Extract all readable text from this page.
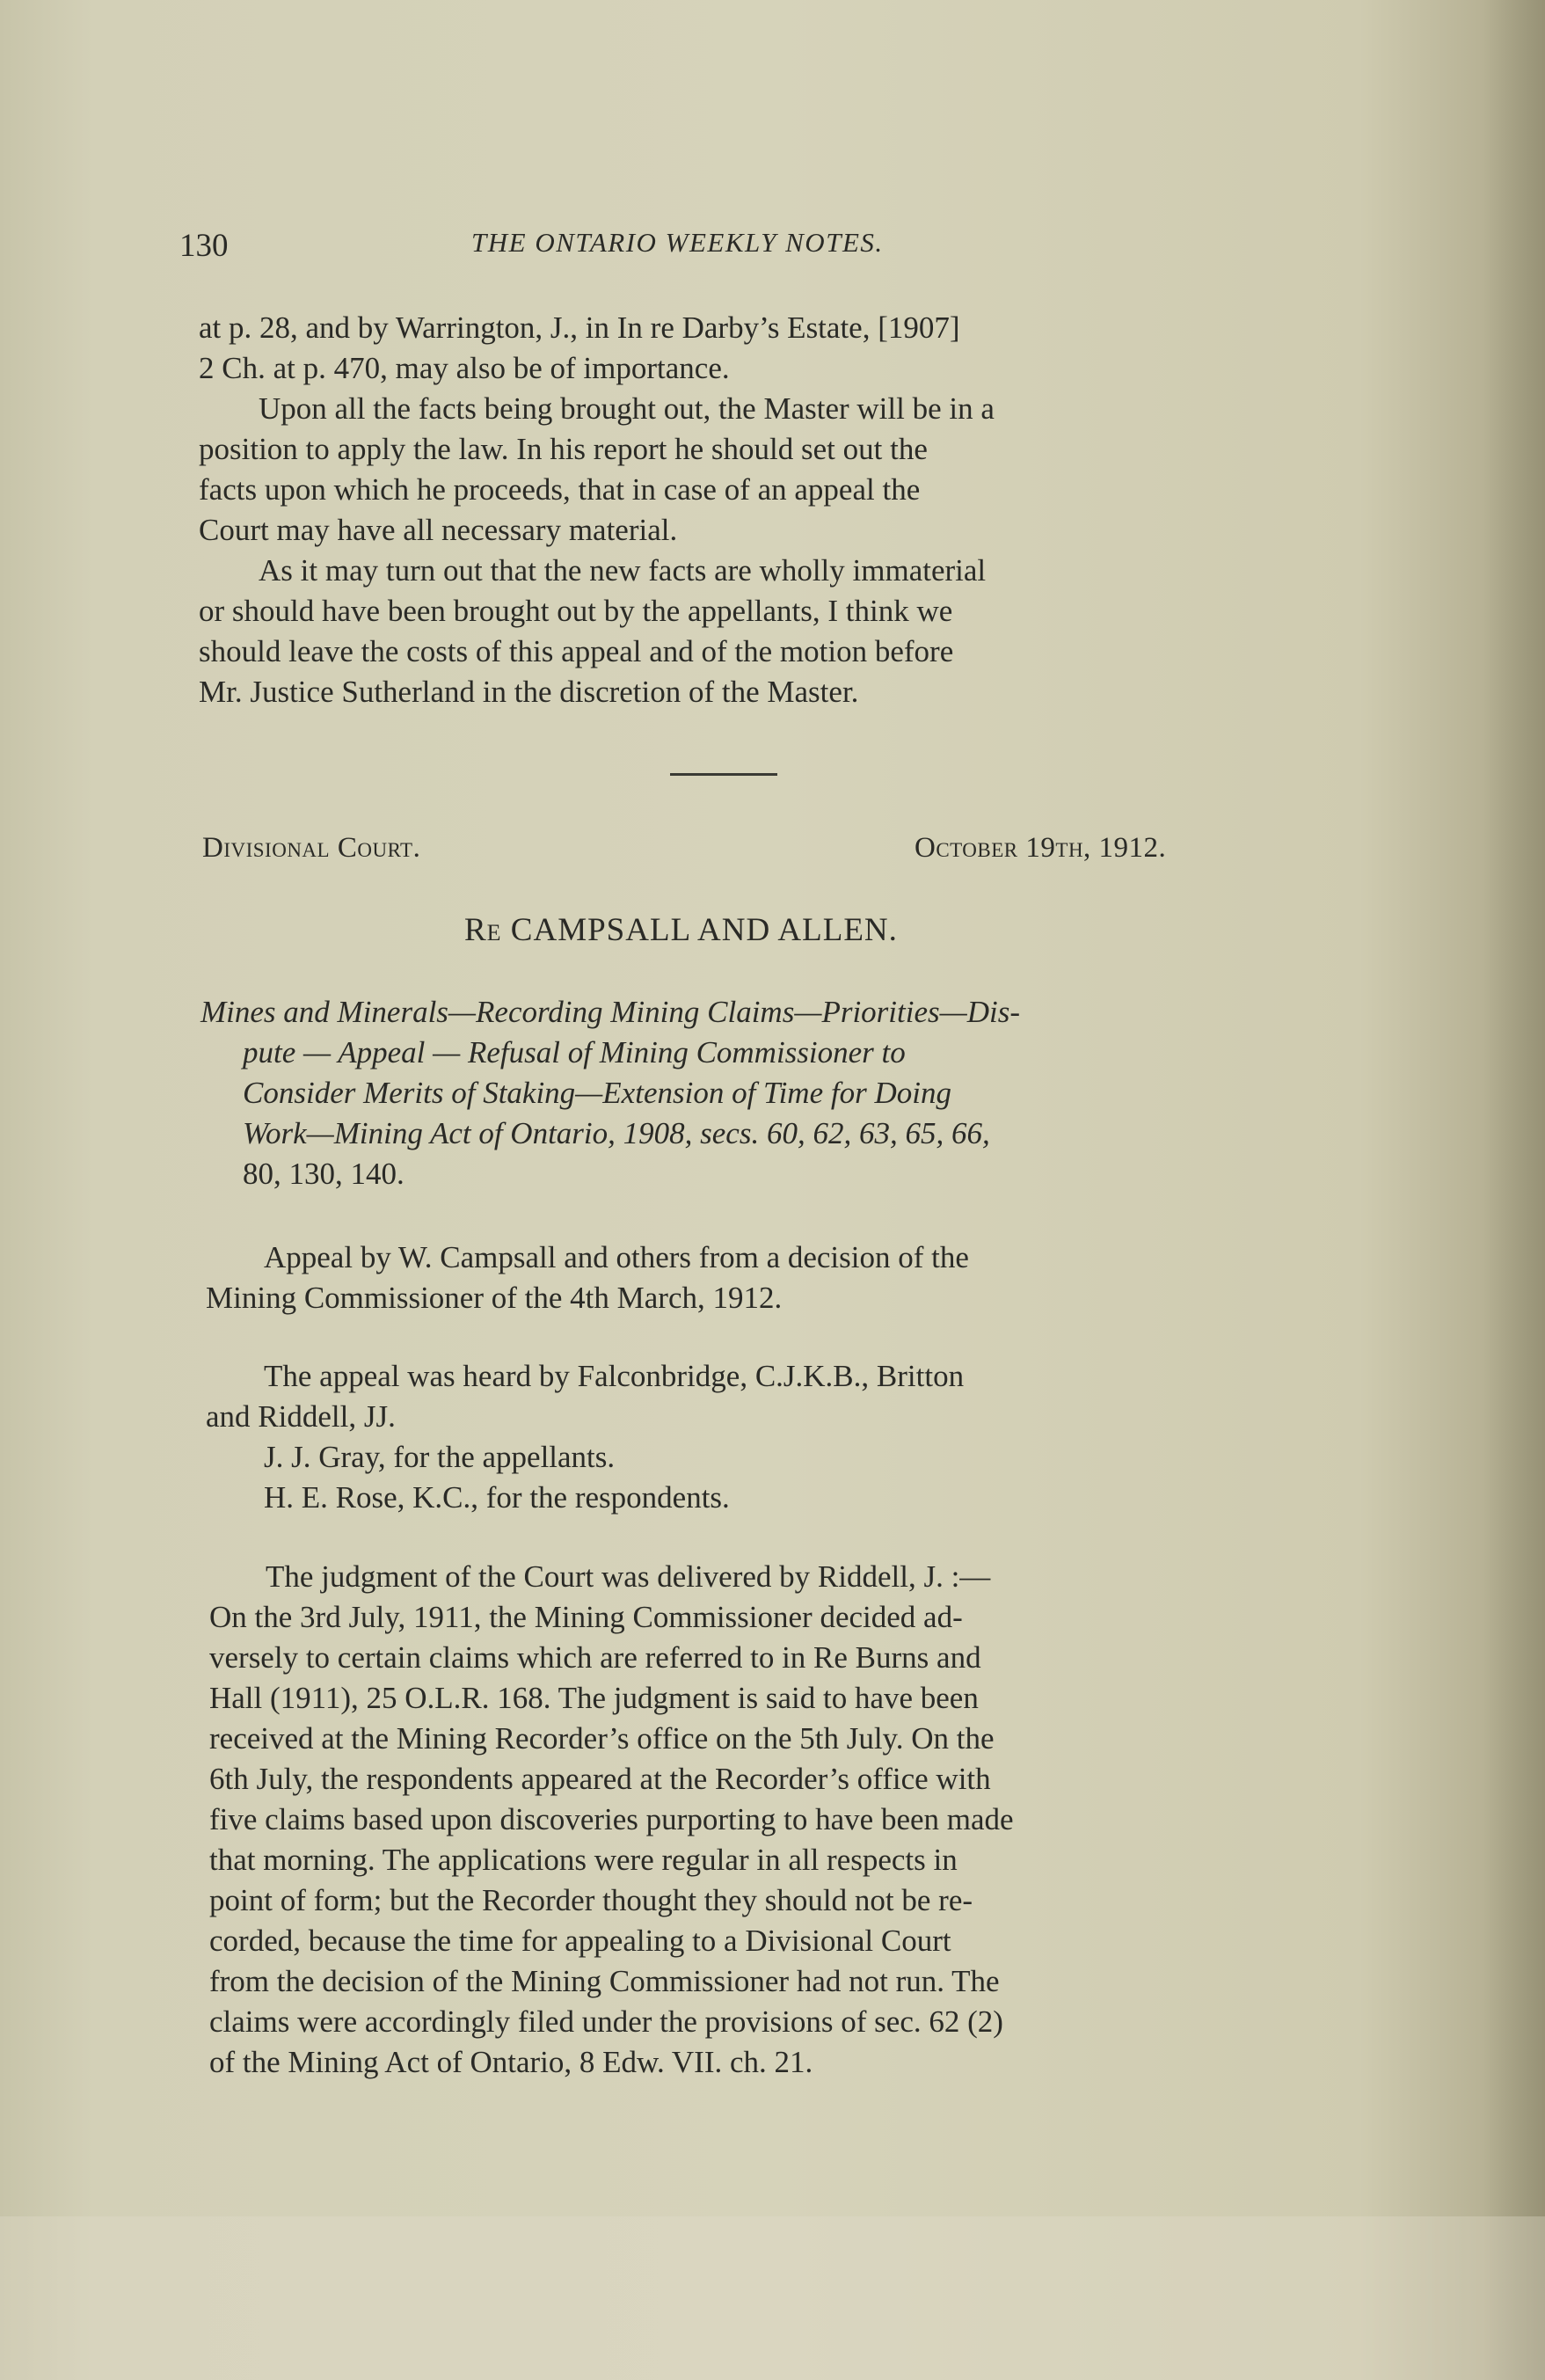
130	THE ONTARIO WEEKLY NOTES.
at p. 28, and by Warrington, J., in In re Darby’s Estate, [1907]
2 Ch. at p. 470, may also be of importance.
Upon all the facts being brought out, the Master will be in a
position to apply the law. In his report he should set out the
facts upon which he proceeds, that in case of an appeal the
Court may have all necessary material.
As it may turn out that the new facts are wholly immaterial
or should have been brought out by the appellants, I think we
should leave the costs of this appeal and of the motion before
Mr. Justice Sutherland in the discretion of the Master.
Divisional Court.	October 19th, 1912.
Re CAMPSALL AND ALLEN.
Mines and Minerals—Recording Mining Claims—Priorities—Dis-
pute — Appeal — Refusal of Mining Commissioner to
Consider Merits of Staking—Extension of Time for Doing
Work—Mining Act of Ontario, 1908, secs. 60, 62, 63, 65, 66,
80, 130, 140.
Appeal by W. Campsall and others from a decision of the
Mining Commissioner of the 4th March, 1912.
The appeal was heard by Falconbridge, C.J.K.B., Britton
and Riddell, JJ.
J. J. Gray, for the appellants.
H. E. Rose, K.C., for the respondents.
The judgment of the Court was delivered by Riddell, J. :—
On the 3rd July, 1911, the Mining Commissioner decided ad-
versely to certain claims which are referred to in Re Burns and
Hall (1911), 25 O.L.R. 168. The judgment is said to have been
received at the Mining Recorder’s office on the 5th July. On the
6th July, the respondents appeared at the Recorder’s office with
five claims based upon discoveries purporting to have been made
that morning. The applications were regular in all respects in
point of form; but the Recorder thought they should not be re-
corded, because the time for appealing to a Divisional Court
from the decision of the Mining Commissioner had not run. The
claims were accordingly filed under the provisions of sec. 62 (2)
of the Mining Act of Ontario, 8 Edw. VII. ch. 21.
